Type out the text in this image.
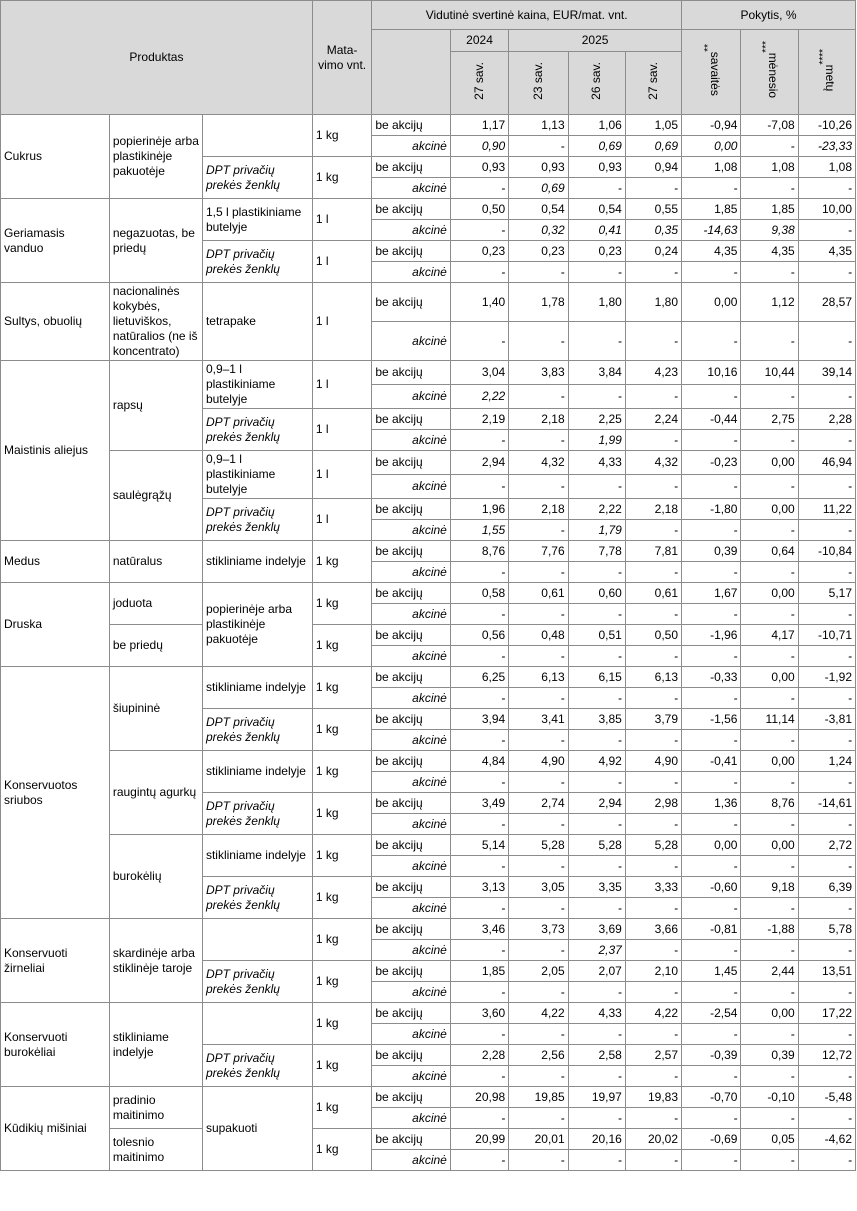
Produktas			Mata- vimo vnt.	Vidutinė svertinė kaina, EUR/mat. vnt.					Pokytis, %		
					2024	2025			savaitės**	mėnesio***	metų****
					27 sav.	23 sav.	26 sav.	27 sav.			
Cukrus	popierinėje arba plastikinėje pakuotėje		1 kg	be akcijų	1,17	1,13	1,06	1,05	-0,94	-7,08	-10,26
				akcinė	0,90	-	0,69	0,69	0,00	-	-23,33
		DPT privačių prekės ženklų	1 kg	be akcijų	0,93	0,93	0,93	0,94	1,08	1,08	1,08
				akcinė	-	0,69	-	-	-	-	-
Geriamasis vanduo	negazuotas, be priedų	1,5 l plastikiniame butelyje	1 l	be akcijų	0,50	0,54	0,54	0,55	1,85	1,85	10,00
				akcinė	-	0,32	0,41	0,35	-14,63	9,38	-
		DPT privačių prekės ženklų	1 l	be akcijų	0,23	0,23	0,23	0,24	4,35	4,35	4,35
				akcinė	-	-	-	-	-	-	-
Sultys, obuolių	nacionalinės kokybės, lietuviškos, natūralios (ne iš koncentrato)	tetrapake	1 l	be akcijų	1,40	1,78	1,80	1,80	0,00	1,12	28,57
				akcinė	-	-	-	-	-	-	-
Maistinis aliejus	rapsų	0,9–1 l plastikiniame butelyje	1 l	be akcijų	3,04	3,83	3,84	4,23	10,16	10,44	39,14
				akcinė	2,22	-	-	-	-	-	-
		DPT privačių prekės ženklų	1 l	be akcijų	2,19	2,18	2,25	2,24	-0,44	2,75	2,28
				akcinė	-	-	1,99	-	-	-	-
	saulėgrąžų	0,9–1 l plastikiniame butelyje	1 l	be akcijų	2,94	4,32	4,33	4,32	-0,23	0,00	46,94
				akcinė	-	-	-	-	-	-	-
		DPT privačių prekės ženklų	1 l	be akcijų	1,96	2,18	2,22	2,18	-1,80	0,00	11,22
				akcinė	1,55	-	1,79	-	-	-	-
Medus	natūralus	stikliniame indelyje	1 kg	be akcijų	8,76	7,76	7,78	7,81	0,39	0,64	-10,84
				akcinė	-	-	-	-	-	-	-
Druska	joduota	popierinėje arba plastikinėje pakuotėje	1 kg	be akcijų	0,58	0,61	0,60	0,61	1,67	0,00	5,17
				akcinė	-	-	-	-	-	-	-
	be priedų		1 kg	be akcijų	0,56	0,48	0,51	0,50	-1,96	4,17	-10,71
				akcinė	-	-	-	-	-	-	-
Konservuotos sriubos	šiupininė	stikliniame indelyje	1 kg	be akcijų	6,25	6,13	6,15	6,13	-0,33	0,00	-1,92
				akcinė	-	-	-	-	-	-	-
		DPT privačių prekės ženklų	1 kg	be akcijų	3,94	3,41	3,85	3,79	-1,56	11,14	-3,81
				akcinė	-	-	-	-	-	-	-
	raugintų agurkų	stikliniame indelyje	1 kg	be akcijų	4,84	4,90	4,92	4,90	-0,41	0,00	1,24
				akcinė	-	-	-	-	-	-	-
		DPT privačių prekės ženklų	1 kg	be akcijų	3,49	2,74	2,94	2,98	1,36	8,76	-14,61
				akcinė	-	-	-	-	-	-	-
	burokėlių	stikliniame indelyje	1 kg	be akcijų	5,14	5,28	5,28	5,28	0,00	0,00	2,72
				akcinė	-	-	-	-	-	-	-
		DPT privačių prekės ženklų	1 kg	be akcijų	3,13	3,05	3,35	3,33	-0,60	9,18	6,39
				akcinė	-	-	-	-	-	-	-
Konservuoti žirneliai	skardinėje arba stiklinėje taroje		1 kg	be akcijų	3,46	3,73	3,69	3,66	-0,81	-1,88	5,78
				akcinė	-	-	2,37	-	-	-	-
		DPT privačių prekės ženklų	1 kg	be akcijų	1,85	2,05	2,07	2,10	1,45	2,44	13,51
				akcinė	-	-	-	-	-	-	-
Konservuoti burokėliai	stikliniame indelyje		1 kg	be akcijų	3,60	4,22	4,33	4,22	-2,54	0,00	17,22
				akcinė	-	-	-	-	-	-	-
		DPT privačių prekės ženklų	1 kg	be akcijų	2,28	2,56	2,58	2,57	-0,39	0,39	12,72
				akcinė	-	-	-	-	-	-	-
Kūdikių mišiniai	pradinio maitinimo	supakuoti	1 kg	be akcijų	20,98	19,85	19,97	19,83	-0,70	-0,10	-5,48
				akcinė	-	-	-	-	-	-	-
	tolesnio maitinimo		1 kg	be akcijų	20,99	20,01	20,16	20,02	-0,69	0,05	-4,62
				akcinė	-	-	-	-	-	-	-
